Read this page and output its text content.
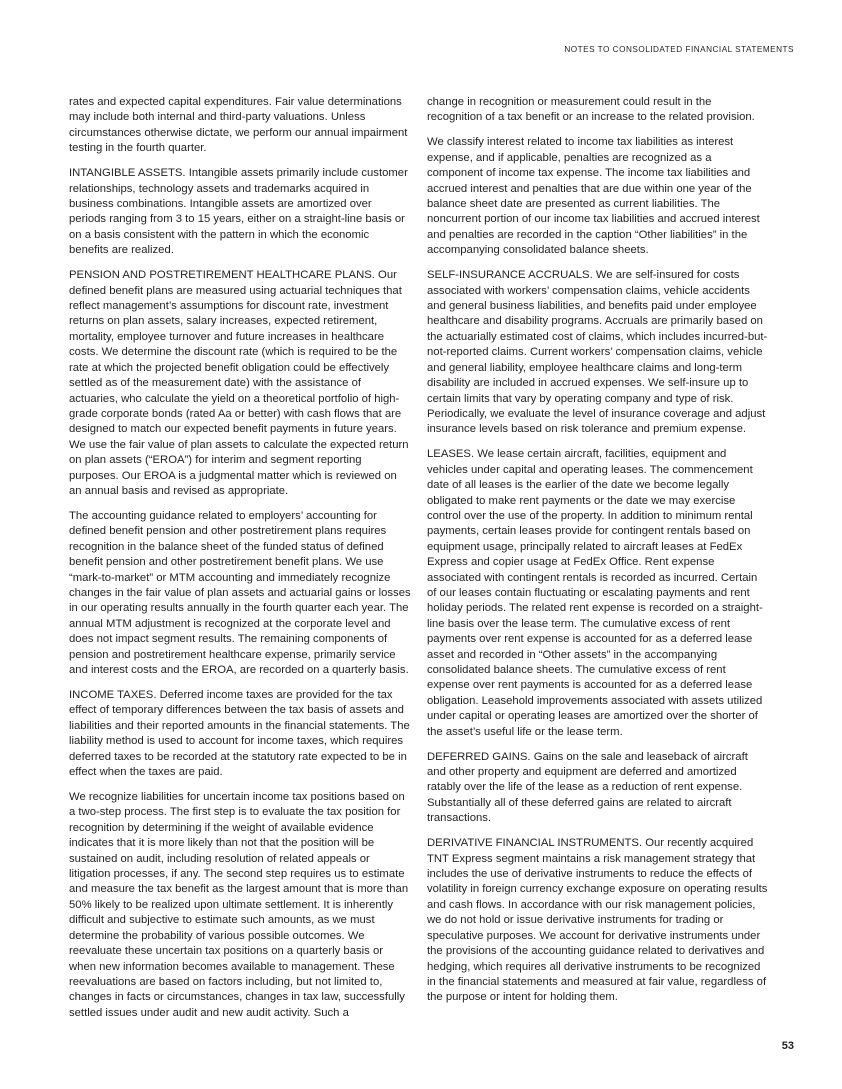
NOTES TO CONSOLIDATED FINANCIAL STATEMENTS

rates and expected capital expenditures. Fair value determinations may include both internal and third-party valuations. Unless circumstances otherwise dictate, we perform our annual impairment testing in the fourth quarter.

INTANGIBLE ASSETS. Intangible assets primarily include customer relationships, technology assets and trademarks acquired in business combinations. Intangible assets are amortized over periods ranging from 3 to 15 years, either on a straight-line basis or on a basis consistent with the pattern in which the economic benefits are realized.

PENSION AND POSTRETIREMENT HEALTHCARE PLANS. Our defined benefit plans are measured using actuarial techniques that reflect management’s assumptions for discount rate, investment returns on plan assets, salary increases, expected retirement, mortality, employee turnover and future increases in healthcare costs. We determine the discount rate (which is required to be the rate at which the projected benefit obligation could be effectively settled as of the measurement date) with the assistance of actuaries, who calculate the yield on a theoretical portfolio of high-grade corporate bonds (rated Aa or better) with cash flows that are designed to match our expected benefit payments in future years. We use the fair value of plan assets to calculate the expected return on plan assets (“EROA”) for interim and segment reporting purposes. Our EROA is a judgmental matter which is reviewed on an annual basis and revised as appropriate.

The accounting guidance related to employers’ accounting for defined benefit pension and other postretirement plans requires recognition in the balance sheet of the funded status of defined benefit pension and other postretirement benefit plans. We use “mark-to-market” or MTM accounting and immediately recognize changes in the fair value of plan assets and actuarial gains or losses in our operating results annually in the fourth quarter each year. The annual MTM adjustment is recognized at the corporate level and does not impact segment results. The remaining components of pension and postretirement healthcare expense, primarily service and interest costs and the EROA, are recorded on a quarterly basis.

INCOME TAXES. Deferred income taxes are provided for the tax effect of temporary differences between the tax basis of assets and liabilities and their reported amounts in the financial statements. The liability method is used to account for income taxes, which requires deferred taxes to be recorded at the statutory rate expected to be in effect when the taxes are paid.

We recognize liabilities for uncertain income tax positions based on a two-step process. The first step is to evaluate the tax position for recognition by determining if the weight of available evidence indicates that it is more likely than not that the position will be sustained on audit, including resolution of related appeals or litigation processes, if any. The second step requires us to estimate and measure the tax benefit as the largest amount that is more than 50% likely to be realized upon ultimate settlement. It is inherently difficult and subjective to estimate such amounts, as we must determine the probability of various possible outcomes. We reevaluate these uncertain tax positions on a quarterly basis or when new information becomes available to management. These reevaluations are based on factors including, but not limited to, changes in facts or circumstances, changes in tax law, successfully settled issues under audit and new audit activity. Such a

change in recognition or measurement could result in the recognition of a tax benefit or an increase to the related provision.

We classify interest related to income tax liabilities as interest expense, and if applicable, penalties are recognized as a component of income tax expense. The income tax liabilities and accrued interest and penalties that are due within one year of the balance sheet date are presented as current liabilities. The noncurrent portion of our income tax liabilities and accrued interest and penalties are recorded in the caption “Other liabilities” in the accompanying consolidated balance sheets.

SELF-INSURANCE ACCRUALS. We are self-insured for costs associated with workers’ compensation claims, vehicle accidents and general business liabilities, and benefits paid under employee healthcare and disability programs. Accruals are primarily based on the actuarially estimated cost of claims, which includes incurred-but-not-reported claims. Current workers’ compensation claims, vehicle and general liability, employee healthcare claims and long-term disability are included in accrued expenses. We self-insure up to certain limits that vary by operating company and type of risk. Periodically, we evaluate the level of insurance coverage and adjust insurance levels based on risk tolerance and premium expense.

LEASES. We lease certain aircraft, facilities, equipment and vehicles under capital and operating leases. The commencement date of all leases is the earlier of the date we become legally obligated to make rent payments or the date we may exercise control over the use of the property. In addition to minimum rental payments, certain leases provide for contingent rentals based on equipment usage, principally related to aircraft leases at FedEx Express and copier usage at FedEx Office. Rent expense associated with contingent rentals is recorded as incurred. Certain of our leases contain fluctuating or escalating payments and rent holiday periods. The related rent expense is recorded on a straight-line basis over the lease term. The cumulative excess of rent payments over rent expense is accounted for as a deferred lease asset and recorded in “Other assets” in the accompanying consolidated balance sheets. The cumulative excess of rent expense over rent payments is accounted for as a deferred lease obligation. Leasehold improvements associated with assets utilized under capital or operating leases are amortized over the shorter of the asset’s useful life or the lease term.

DEFERRED GAINS. Gains on the sale and leaseback of aircraft and other property and equipment are deferred and amortized ratably over the life of the lease as a reduction of rent expense. Substantially all of these deferred gains are related to aircraft transactions.

DERIVATIVE FINANCIAL INSTRUMENTS. Our recently acquired TNT Express segment maintains a risk management strategy that includes the use of derivative instruments to reduce the effects of volatility in foreign currency exchange exposure on operating results and cash flows. In accordance with our risk management policies, we do not hold or issue derivative instruments for trading or speculative purposes. We account for derivative instruments under the provisions of the accounting guidance related to derivatives and hedging, which requires all derivative instruments to be recognized in the financial statements and measured at fair value, regardless of the purpose or intent for holding them.

53
